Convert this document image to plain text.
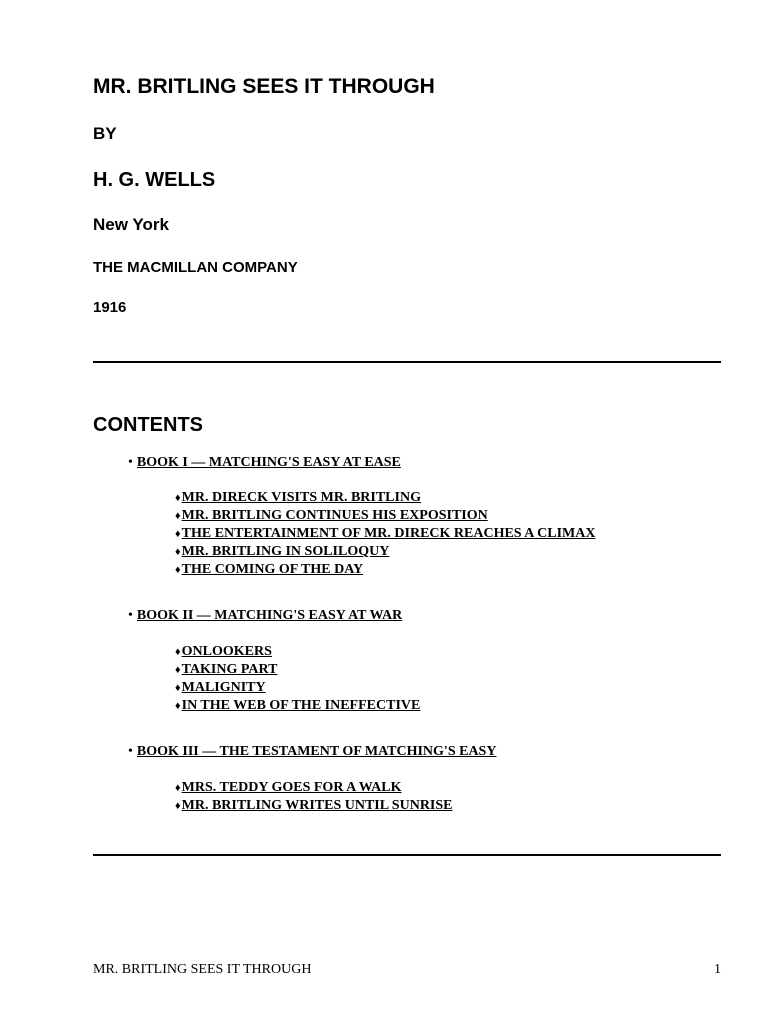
MR. BRITLING SEES IT THROUGH
BY
H. G. WELLS
New York
THE MACMILLAN COMPANY
1916
CONTENTS
• BOOK I — MATCHING'S EASY AT EASE
♦MR. DIRECK VISITS MR. BRITLING
♦MR. BRITLING CONTINUES HIS EXPOSITION
♦THE ENTERTAINMENT OF MR. DIRECK REACHES A CLIMAX
♦MR. BRITLING IN SOLILOQUY
♦THE COMING OF THE DAY
• BOOK II — MATCHING'S EASY AT WAR
♦ONLOOKERS
♦TAKING PART
♦MALIGNITY
♦IN THE WEB OF THE INEFFECTIVE
• BOOK III — THE TESTAMENT OF MATCHING'S EASY
♦MRS. TEDDY GOES FOR A WALK
♦MR. BRITLING WRITES UNTIL SUNRISE
MR. BRITLING SEES IT THROUGH	1
